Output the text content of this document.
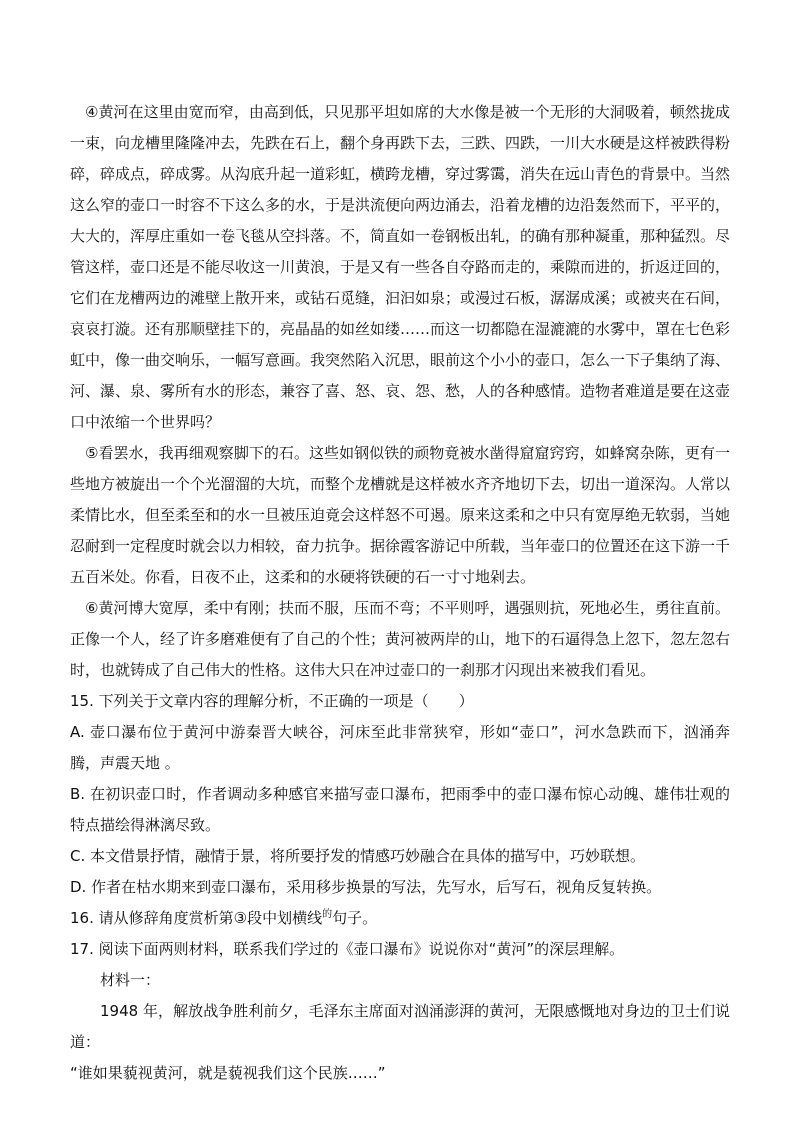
④黄河在这里由宽而窄，由高到低，只见那平坦如席的大水像是被一个无形的大洞吸着，顿然拢成一束，向龙槽里隆隆冲去，先跌在石上，翻个身再跌下去，三跌、四跌，一川大水硬是这样被跌得粉碎，碎成点，碎成雾。从沟底升起一道彩虹，横跨龙槽，穿过雾霭，消失在远山青色的背景中。当然这么窄的壶口一时容不下这么多的水，于是洪流便向两边涌去，沿着龙槽的边沿轰然而下，平平的，大大的，浑厚庄重如一卷飞毯从空抖落。不，简直如一卷钢板出轧，的确有那种凝重，那种猛烈。尽管这样，壶口还是不能尽收这一川黄浪，于是又有一些各自夺路而走的，乘隙而进的，折返迂回的，它们在龙槽两边的滩壁上散开来，或钻石觅缝，汩汩如泉；或漫过石板，潺潺成溪；或被夹在石间，哀哀打漩。还有那顺壁挂下的，亮晶晶的如丝如缕……而这一切都隐在湿漉漉的水雾中，罩在七色彩虹中，像一曲交响乐，一幅写意画。我突然陷入沉思，眼前这个小小的壶口，怎么一下子集纳了海、河、瀑、泉、雾所有水的形态，兼容了喜、怒、哀、怨、愁，人的各种感情。造物者难道是要在这壶口中浓缩一个世界吗？

⑤看罢水，我再细观察脚下的石。这些如钢似铁的顽物竟被水凿得窟窟窍窍，如蜂窝杂陈，更有一些地方被旋出一个个光溜溜的大坑，而整个龙槽就是这样被水齐齐地切下去，切出一道深沟。人常以柔情比水，但至柔至和的水一旦被压迫竟会这样怒不可遏。原来这柔和之中只有宽厚绝无软弱，当她忍耐到一定程度时就会以力相较，奋力抗争。据徐霞客游记中所载，当年壶口的位置还在这下游一千五百米处。你看，日夜不止，这柔和的水硬将铁硬的石一寸寸地剁去。

⑥黄河博大宽厚，柔中有刚；扶而不服，压而不弯；不平则呼，遇强则抗，死地必生，勇往直前。正像一个人，经了许多磨难便有了自己的个性；黄河被两岸的山，地下的石逼得急上忽下，忽左忽右时，也就铸成了自己伟大的性格。这伟大只在冲过壶口的一刹那才闪现出来被我们看见。

15. 下列关于文章内容的理解分析，不正确的一项是（　　）

A. 壶口瀑布位于黄河中游秦晋大峡谷，河床至此非常狭窄，形如“壶口”，河水急跌而下，汹涌奔腾，声震天地 。

B. 在初识壶口时，作者调动多种感官来描写壶口瀑布，把雨季中的壶口瀑布惊心动魄、雄伟壮观的特点描绘得淋漓尽致。

C. 本文借景抒情，融情于景，将所要抒发的情感巧妙融合在具体的描写中，巧妙联想。

D. 作者在枯水期来到壶口瀑布，采用移步换景的写法，先写水，后写石，视角反复转换。

16. 请从修辞角度赏析第③段中划横线$^的$句子。

17. 阅读下面两则材料，联系我们学过的《壶口瀑布》说说你对“黄河”的深层理解。

材料一：

1948 年，解放战争胜利前夕，毛泽东主席面对汹涌澎湃的黄河，无限感慨地对身边的卫士们说道：

“谁如果藐视黄河，就是藐视我们这个民族……”
